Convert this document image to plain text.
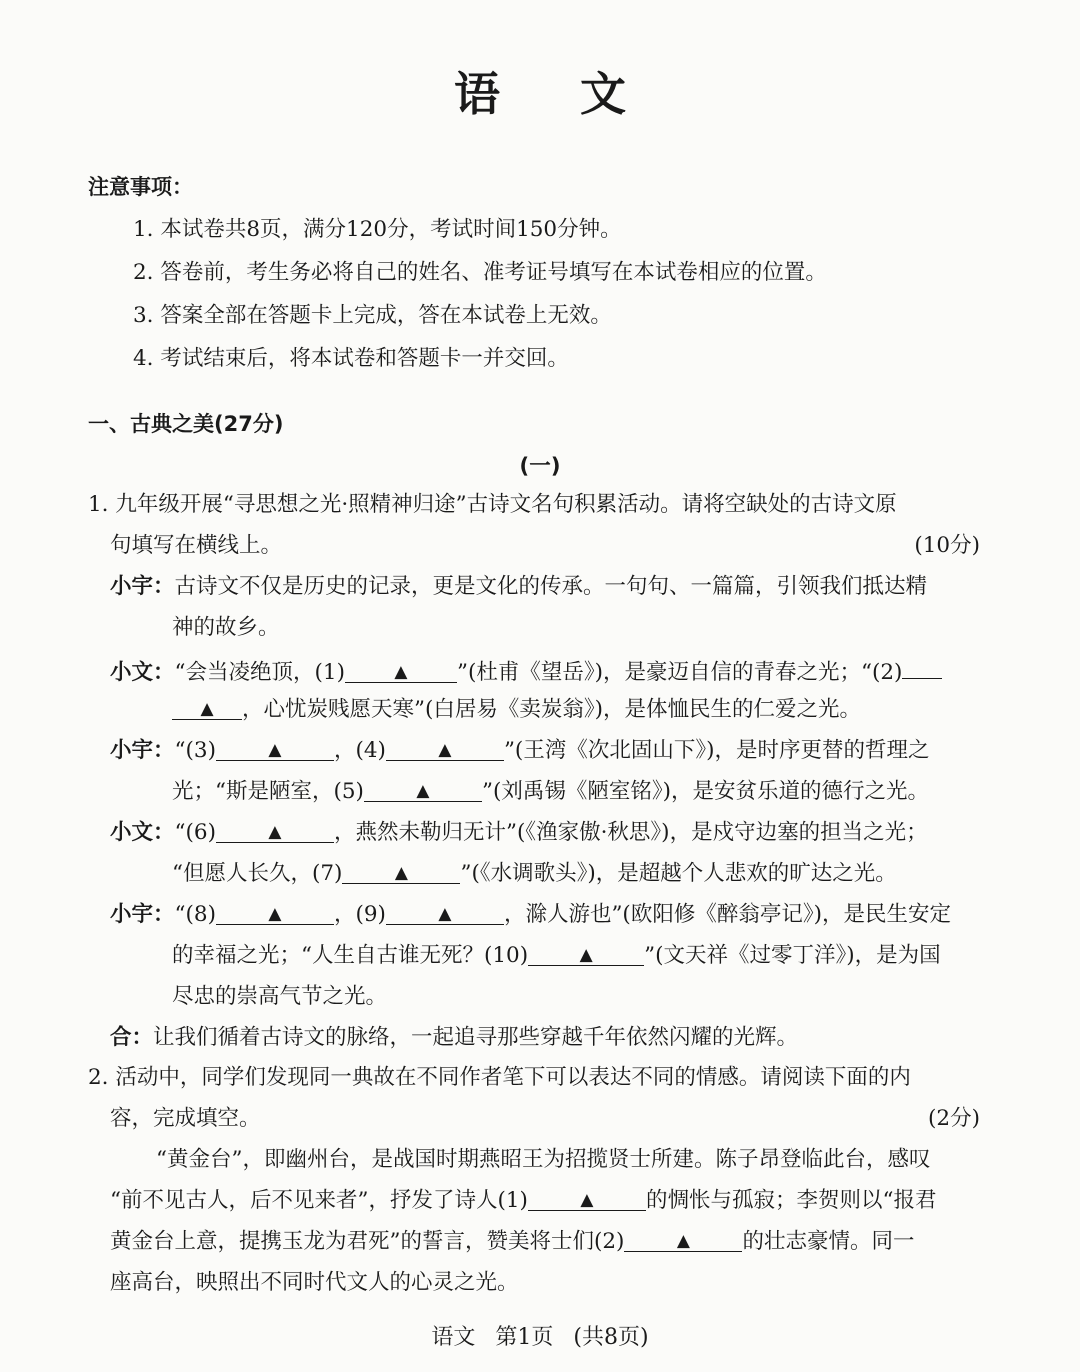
语 文
注意事项：
1. 本试卷共8页，满分120分，考试时间150分钟。
2. 答卷前，考生务必将自己的姓名、准考证号填写在本试卷相应的位置。
3. 答案全部在答题卡上完成，答在本试卷上无效。
4. 考试结束后，将本试卷和答题卡一并交回。
一、古典之美(27分)
(一)
1. 九年级开展“寻思想之光·照精神归途”古诗文名句积累活动。请将空缺处的古诗文原
句填写在横线上。	(10分)
小宇：古诗文不仅是历史的记录，更是文化的传承。一句句、一篇篇，引领我们抵达精
神的故乡。
小文：“会当凌绝顶，(1)	▲ ”(杜甫《望岳》)，是豪迈自信的青春之光；“(2)
▲ ，心忧炭贱愿天寒”(白居易《卖炭翁》)，是体恤民生的仁爱之光。
小宇：“(3)	▲ ，(4)	▲ ”(王湾《次北固山下》)，是时序更替的哲理之
光；“斯是陋室，(5)	▲ ”(刘禹锡《陋室铭》)，是安贫乐道的德行之光。
小文：“(6)	▲ ，燕然未勒归无计”(《渔家傲·秋思》)，是戍守边塞的担当之光；
“但愿人长久，(7)	▲ ”(《水调歌头》)，是超越个人悲欢的旷达之光。
小宇：“(8)	▲ ，(9)	▲ ，滁人游也”(欧阳修《醉翁亭记》)，是民生安定
的幸福之光；“人生自古谁无死？(10)	▲ ”(文天祥《过零丁洋》)，是为国
尽忠的崇高气节之光。
合：让我们循着古诗文的脉络，一起追寻那些穿越千年依然闪耀的光辉。
2. 活动中，同学们发现同一典故在不同作者笔下可以表达不同的情感。请阅读下面的内
容，完成填空。	(2分)
“黄金台”，即幽州台，是战国时期燕昭王为招揽贤士所建。陈子昂登临此台，感叹
“前不见古人，后不见来者”，抒发了诗人(1)	▲ 的惆怅与孤寂；李贺则以“报君
黄金台上意，提携玉龙为君死”的誓言，赞美将士们(2)	▲ 的壮志豪情。同一
座高台，映照出不同时代文人的心灵之光。
语文 第1页 (共8页)
